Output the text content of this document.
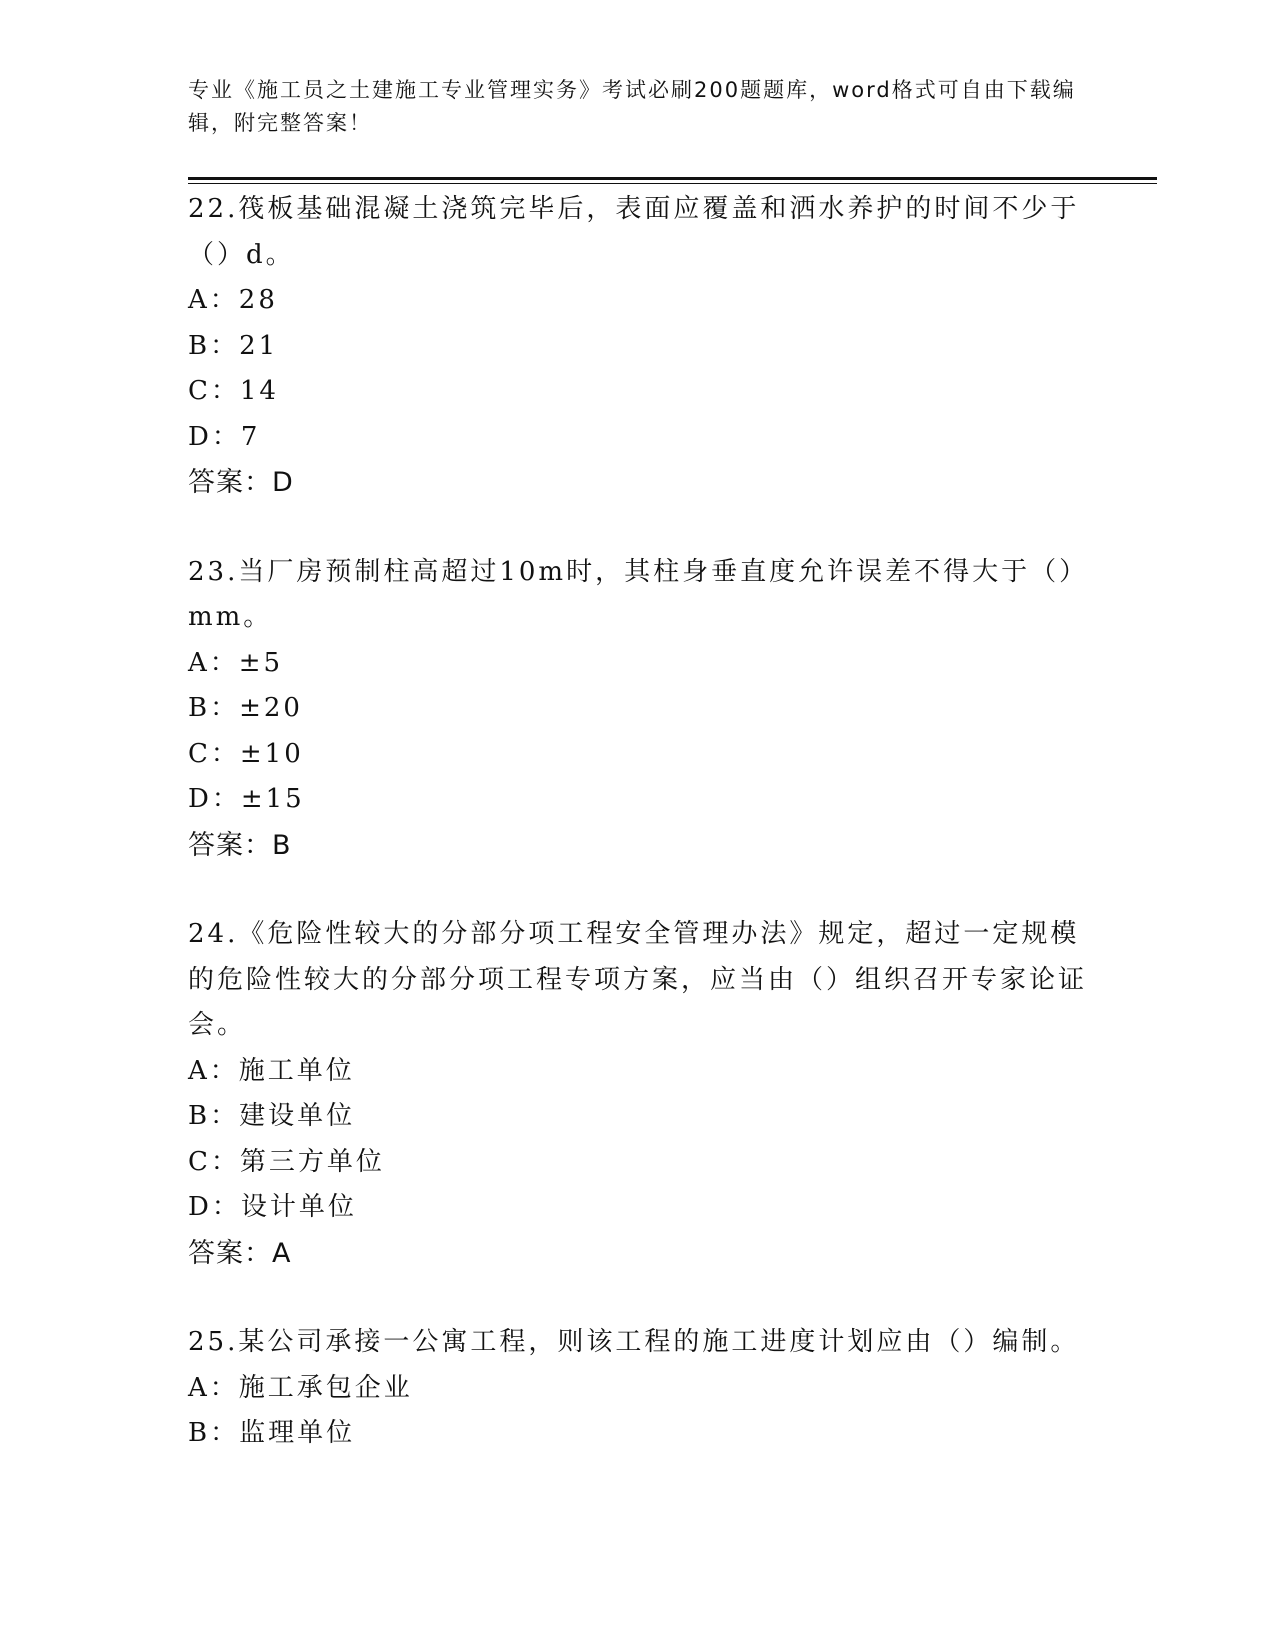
专业《施工员之土建施工专业管理实务》考试必刷200题题库，word格式可自由下载编辑，附完整答案！

22.筏板基础混凝土浇筑完毕后，表面应覆盖和洒水养护的时间不少于（）d。

A：28

B：21

C：14

D：7

答案：D

23.当厂房预制柱高超过10m时，其柱身垂直度允许误差不得大于（）mm。

A：±5

B：±20

C：±10

D：±15

答案：B

24.《危险性较大的分部分项工程安全管理办法》规定，超过一定规模的危险性较大的分部分项工程专项方案，应当由（）组织召开专家论证会。

A：施工单位

B：建设单位

C：第三方单位

D：设计单位

答案：A

25.某公司承接一公寓工程，则该工程的施工进度计划应由（）编制。

A：施工承包企业

B：监理单位
